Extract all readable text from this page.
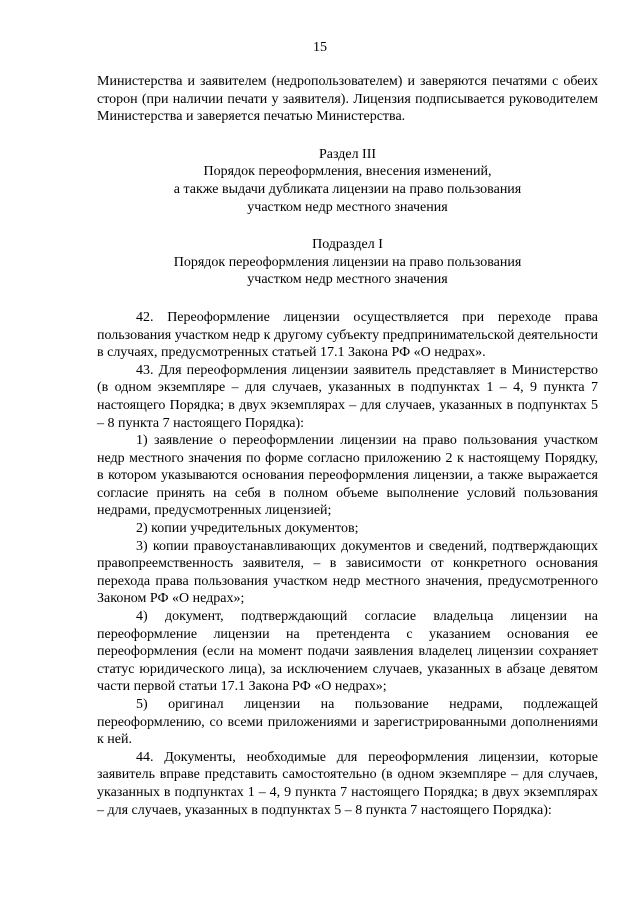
15

Министерства и заявителем (недропользователем) и заверяются печатями с обеих сторон (при наличии печати у заявителя). Лицензия подписывается руководителем Министерства и заверяется печатью Министерства.

Раздел III

Порядок переоформления, внесения изменений,

а также выдачи дубликата лицензии на право пользования

участком недр местного значения

Подраздел I

Порядок переоформления лицензии на право пользования

участком недр местного значения

42. Переоформление лицензии осуществляется при переходе права пользования участком недр к другому субъекту предпринимательской деятельности в случаях, предусмотренных статьей 17.1 Закона РФ «О недрах».

43. Для переоформления лицензии заявитель представляет в Министерство (в одном экземпляре – для случаев, указанных в подпунктах 1 – 4, 9 пункта 7 настоящего Порядка; в двух экземплярах – для случаев, указанных в подпунктах 5 – 8 пункта 7 настоящего Порядка):

1) заявление о переоформлении лицензии на право пользования участком недр местного значения по форме согласно приложению 2 к настоящему Порядку, в котором указываются основания переоформления лицензии, а также выражается согласие принять на себя в полном объеме выполнение условий пользования недрами, предусмотренных лицензией;

2) копии учредительных документов;

3) копии правоустанавливающих документов и сведений, подтверждающих правопреемственность заявителя, – в зависимости от конкретного основания перехода права пользования участком недр местного значения, предусмотренного Законом РФ «О недрах»;

4) документ, подтверждающий согласие владельца лицензии на переоформление лицензии на претендента с указанием основания ее переоформления (если на момент подачи заявления владелец лицензии сохраняет статус юридического лица), за исключением случаев, указанных в абзаце девятом части первой статьи 17.1 Закона РФ «О недрах»;

5) оригинал лицензии на пользование недрами, подлежащей переоформлению, со всеми приложениями и зарегистрированными дополнениями к ней.

44. Документы, необходимые для переоформления лицензии, которые заявитель вправе представить самостоятельно (в одном экземпляре – для случаев, указанных в подпунктах 1 – 4, 9 пункта 7 настоящего Порядка; в двух экземплярах – для случаев, указанных в подпунктах 5 – 8 пункта 7 настоящего Порядка):
